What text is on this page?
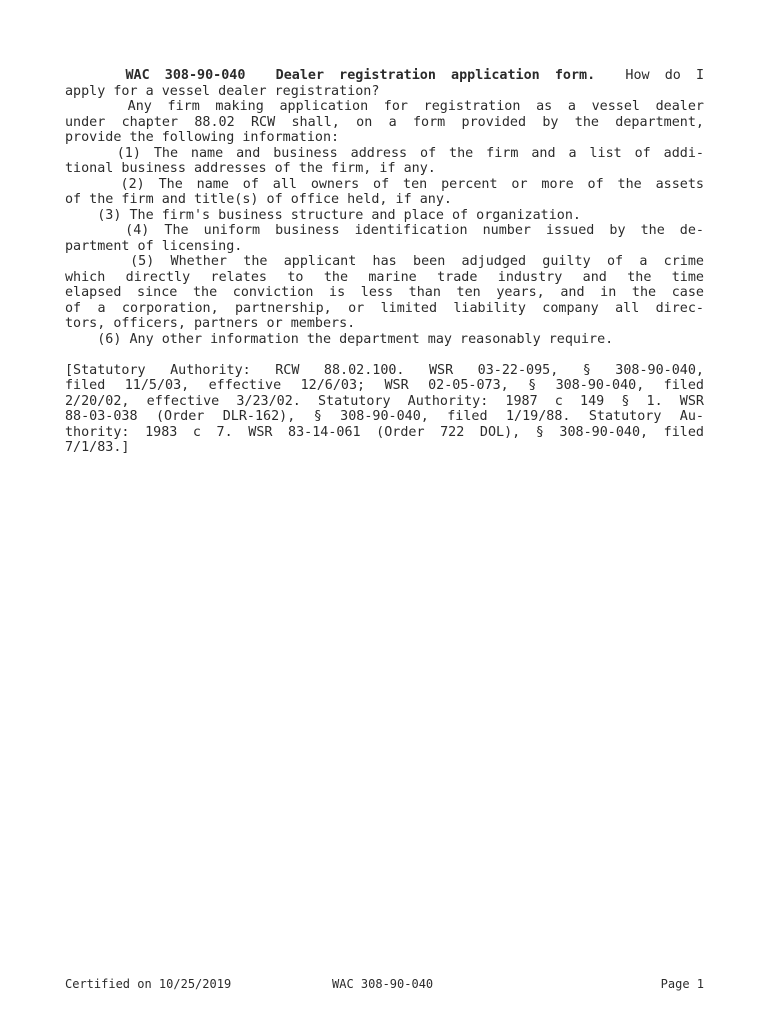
WAC 308-90-040 Dealer registration application form. How do I
apply for a vessel dealer registration?
Any firm making application for registration as a vessel dealer
under chapter 88.02 RCW shall, on a form provided by the department,
provide the following information:
(1) The name and business address of the firm and a list of addi-
tional business addresses of the firm, if any.
(2) The name of all owners of ten percent or more of the assets
of the firm and title(s) of office held, if any.
(3) The firm's business structure and place of organization.
(4) The uniform business identification number issued by the de-
partment of licensing.
(5) Whether the applicant has been adjudged guilty of a crime
which directly relates to the marine trade industry and the time
elapsed since the conviction is less than ten years, and in the case
of a corporation, partnership, or limited liability company all direc-
tors, officers, partners or members.
(6) Any other information the department may reasonably require.
[Statutory Authority: RCW 88.02.100. WSR 03-22-095, § 308-90-040,
filed 11/5/03, effective 12/6/03; WSR 02-05-073, § 308-90-040, filed
2/20/02, effective 3/23/02. Statutory Authority: 1987 c 149 § 1. WSR
88-03-038 (Order DLR-162), § 308-90-040, filed 1/19/88. Statutory Au-
thority: 1983 c 7. WSR 83-14-061 (Order 722 DOL), § 308-90-040, filed
7/1/83.]
Certified on 10/25/2019	WAC 308-90-040	Page 1
